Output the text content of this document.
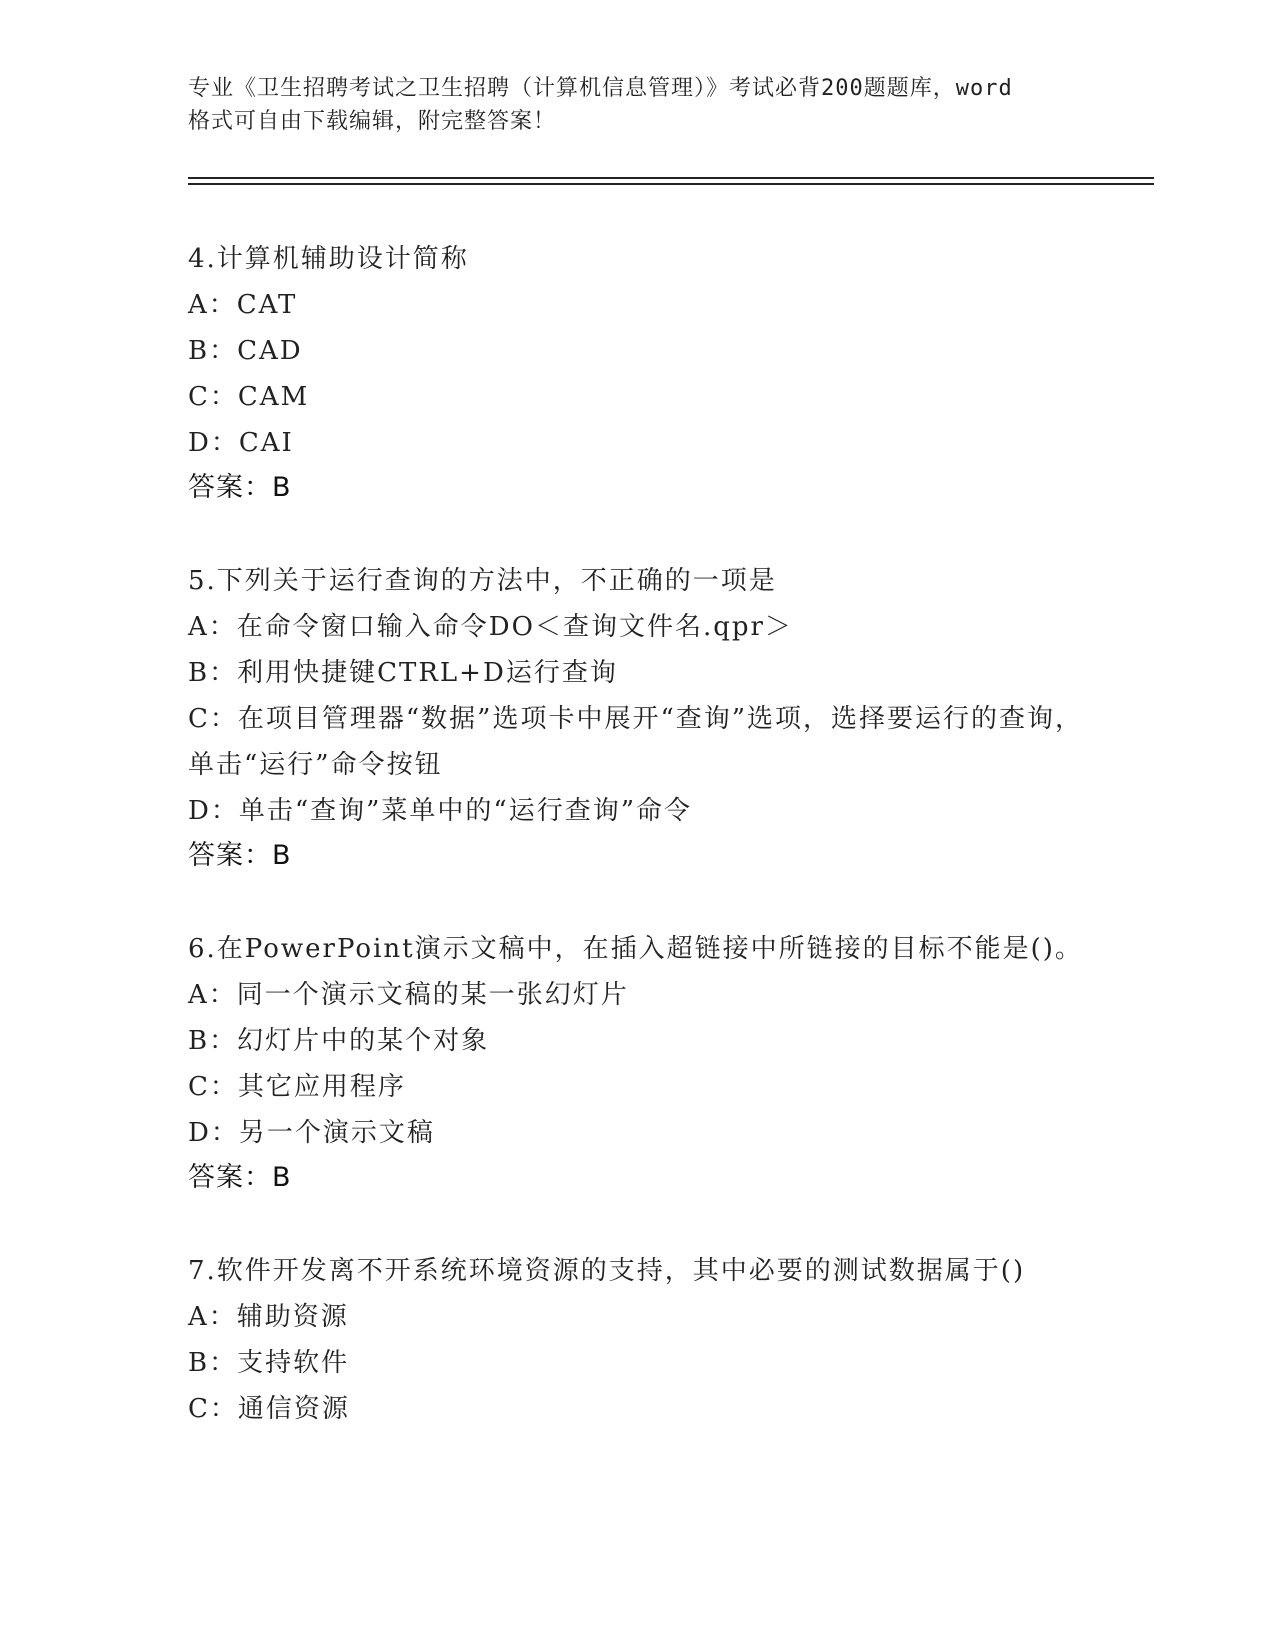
专业《卫生招聘考试之卫生招聘（计算机信息管理）》考试必背200题题库，word
格式可自由下载编辑，附完整答案！
4.计算机辅助设计简称
A：CAT
B：CAD
C：CAM
D：CAI
答案：B
5.下列关于运行查询的方法中，不正确的一项是
A：在命令窗口输入命令DO＜查询文件名.qpr＞
B：利用快捷键CTRL+D运行查询
C：在项目管理器“数据”选项卡中展开“查询”选项，选择要运行的查询，单击“运行”命令按钮
D：单击“查询”菜单中的“运行查询”命令
答案：B
6.在PowerPoint演示文稿中，在插入超链接中所链接的目标不能是()。
A：同一个演示文稿的某一张幻灯片
B：幻灯片中的某个对象
C：其它应用程序
D：另一个演示文稿
答案：B
7.软件开发离不开系统环境资源的支持，其中必要的测试数据属于()
A：辅助资源
B：支持软件
C：通信资源
